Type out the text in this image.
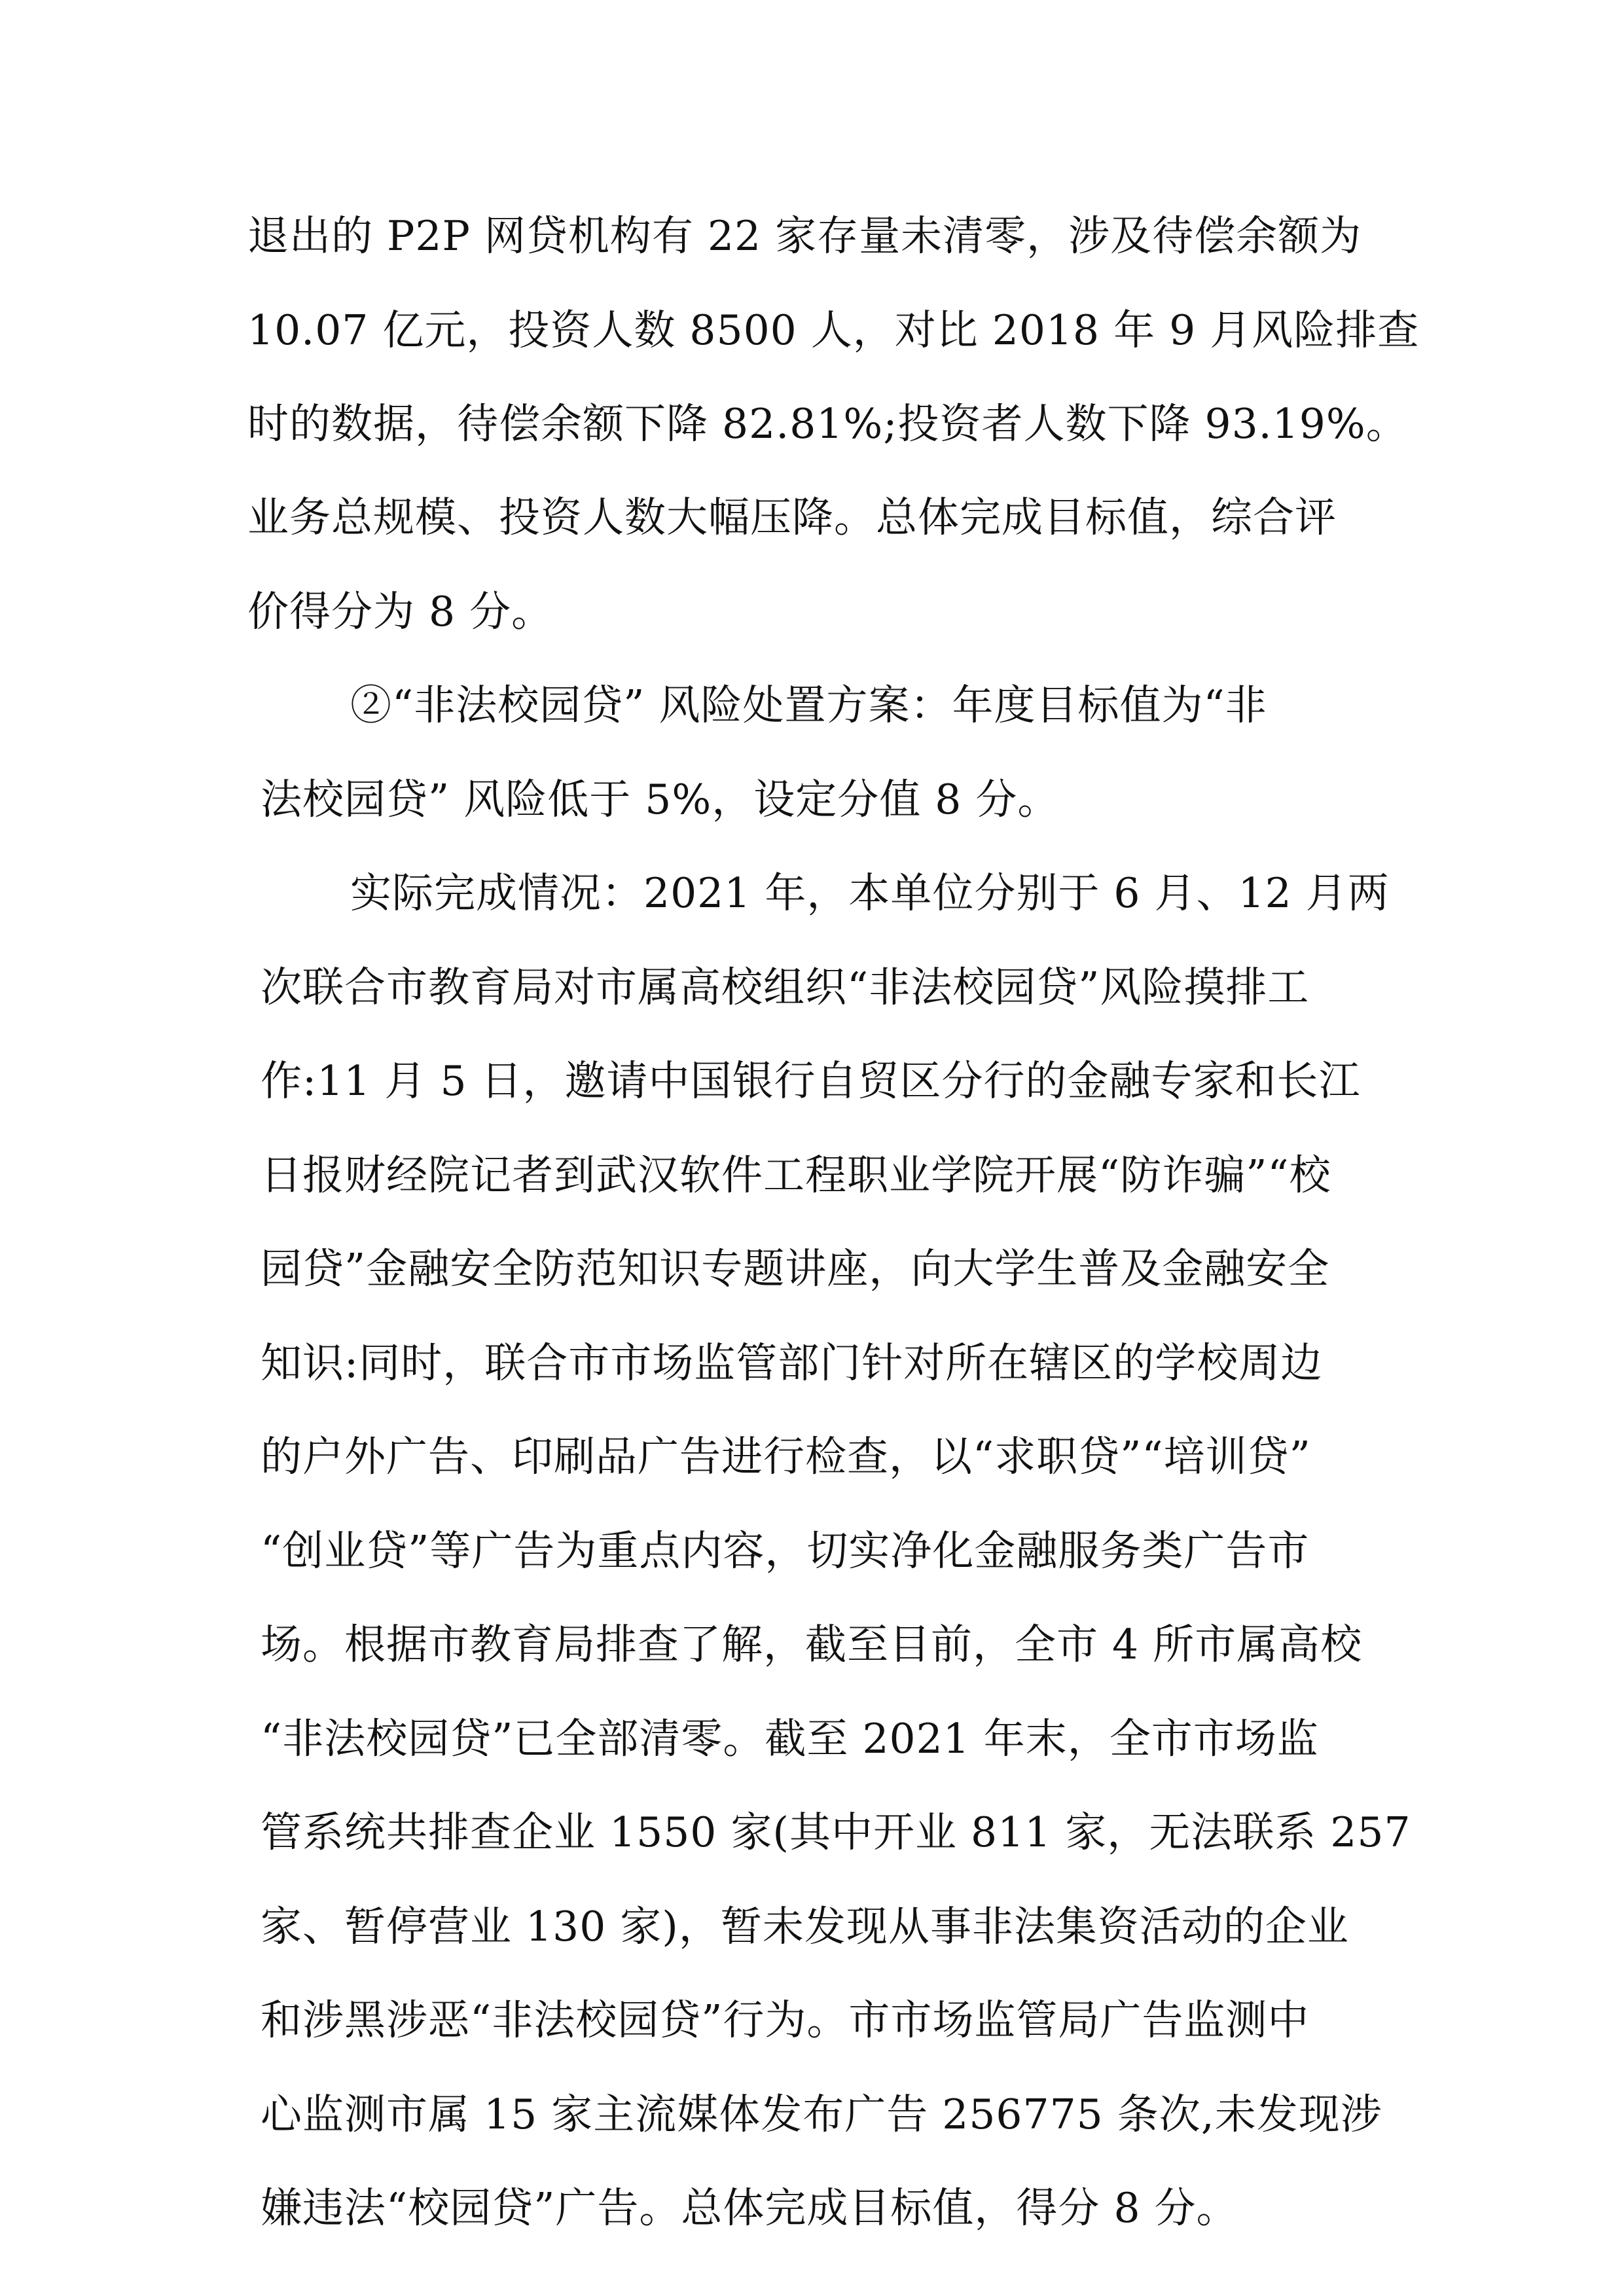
退出的 P2P 网贷机构有 22 家存量未清零，涉及待偿余额为
10.07 亿元，投资人数 8500 人，对比 2018 年 9 月风险排查
时的数据，待偿余额下降 82.81%;投资者人数下降 93.19%。
业务总规模、投资人数大幅压降。总体完成目标值，综合评
价得分为 8 分。
②“非法校园贷” 风险处置方案：年度目标值为“非
法校园贷” 风险低于 5%，设定分值 8 分。
实际完成情况：2021 年，本单位分别于 6 月、12 月两
次联合市教育局对市属高校组织“非法校园贷”风险摸排工
作:11 月 5 日，邀请中国银行自贸区分行的金融专家和长江
日报财经院记者到武汉软件工程职业学院开展“防诈骗”“校
园贷”金融安全防范知识专题讲座，向大学生普及金融安全
知识:同时，联合市市场监管部门针对所在辖区的学校周边
的户外广告、印刷品广告进行检查，以“求职贷”“培训贷”
“创业贷”等广告为重点内容，切实净化金融服务类广告市
场。根据市教育局排查了解，截至目前，全市 4 所市属高校
“非法校园贷”已全部清零。截至 2021 年末，全市市场监
管系统共排查企业 1550 家(其中开业 811 家，无法联系 257
家、暂停营业 130 家)，暂未发现从事非法集资活动的企业
和涉黑涉恶“非法校园贷”行为。市市场监管局广告监测中
心监测市属 15 家主流媒体发布广告 256775 条次,未发现涉
嫌违法“校园贷”广告。总体完成目标值，得分 8 分。
